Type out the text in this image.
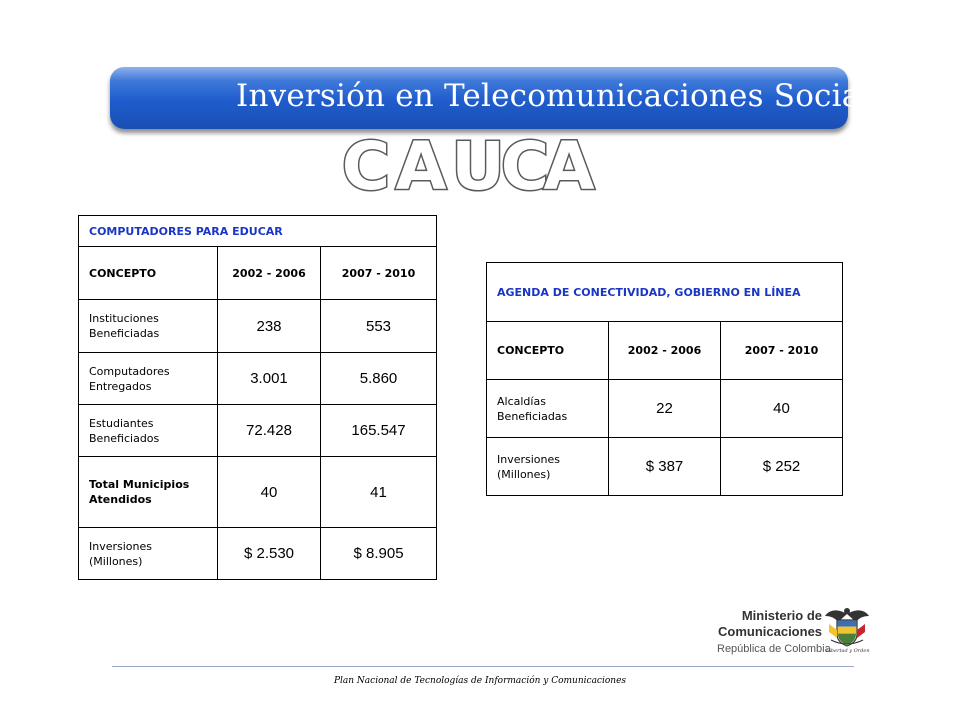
Inversión en Telecomunicaciones Sociales
C A U
C
A
COMPUTADORES PARA EDUCAR		
CONCEPTO	2002 - 2006	2007 - 2010
Instituciones Beneficiadas	238	553
Computadores Entregados	3.001	5.860
Estudiantes Beneficiados	72.428	165.547
Total Municipios Atendidos	40	41
Inversiones (Millones)	$ 2.530	$ 8.905
AGENDA DE CONECTIVIDAD, GOBIERNO EN LÍNEA		
CONCEPTO	2002 - 2006	2007 - 2010
Alcaldías Beneficiadas	22	40
Inversiones (Millones)	$ 387	$ 252
Ministerio de
Comunicaciones
República de Colombia
Libertad y Orden
Plan Nacional de Tecnologías de Información y Comunicaciones
